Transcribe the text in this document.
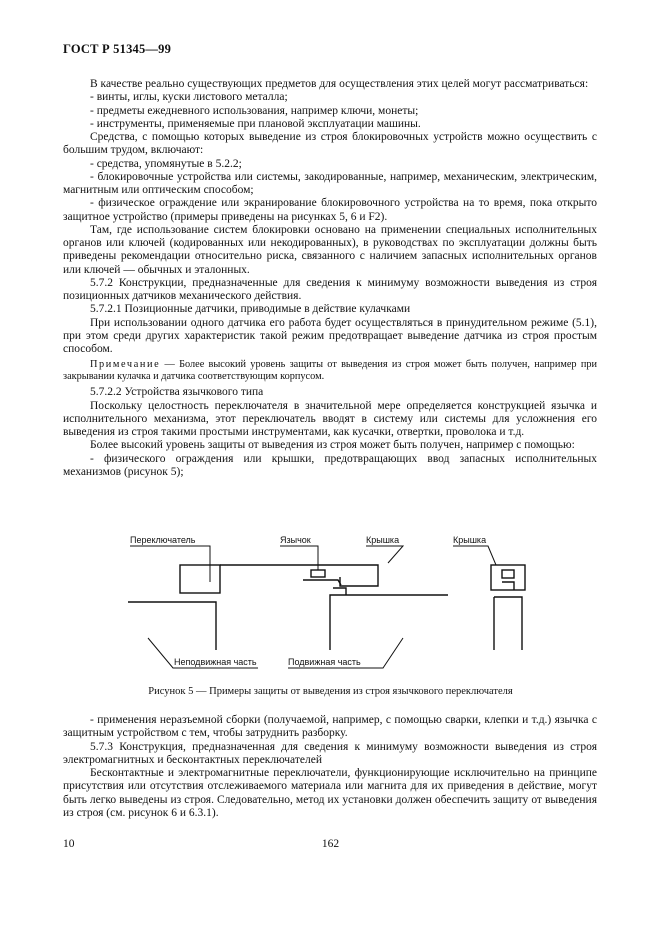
ГОСТ Р 51345—99

В качестве реально существующих предметов для осуществления этих целей могут рассматриваться:

- винты, иглы, куски листового металла;

- предметы ежедневного использования, например ключи, монеты;

- инструменты, применяемые при плановой эксплуатации машины.

Средства, с помощью которых выведение из строя блокировочных устройств можно осуществить с большим трудом, включают:

- средства, упомянутые в 5.2.2;

- блокировочные устройства или системы, закодированные, например, механическим, электрическим, магнитным или оптическим способом;

- физическое ограждение или экранирование блокировочного устройства на то время, пока открыто защитное устройство (примеры приведены на рисунках 5, 6 и F2).

Там, где использование систем блокировки основано на применении специальных исполнительных органов или ключей (кодированных или некодированных), в руководствах по эксплуатации должны быть приведены рекомендации относительно риска, связанного с наличием запасных исполнительных органов или ключей — обычных и эталонных.

5.7.2 Конструкции, предназначенные для сведения к минимуму возможности выведения из строя позиционных датчиков механического действия.

5.7.2.1 Позиционные датчики, приводимые в действие кулачками

При использовании одного датчика его работа будет осуществляться в принудительном режиме (5.1), при этом среди других характеристик такой режим предотвращает выведение датчика из строя простым способом.

Примечание — Более высокий уровень защиты от выведения из строя может быть получен, например при закрывании кулачка и датчика соответствующим корпусом.

5.7.2.2 Устройства язычкового типа

Поскольку целостность переключателя в значительной мере определяется конструкцией язычка и исполнительного механизма, этот переключатель вводят в систему или системы для усложнения его выведения из строя такими простыми инструментами, как кусачки, отвертки, проволока и т.д.

Более высокий уровень защиты от выведения из строя может быть получен, например с помощью:

- физического ограждения или крышки, предотвращающих ввод запасных исполнительных механизмов (рисунок 5);

Переключатель	Язычок	Крышка	Крышка
Неподвижная часть	Подвижная часть
Рисунок 5 — Примеры защиты от выведения из строя язычкового переключателя

- применения неразъемной сборки (получаемой, например, с помощью сварки, клепки и т.д.) язычка с защитным устройством с тем, чтобы затруднить разборку.

5.7.3 Конструкция, предназначенная для сведения к минимуму возможности выведения из строя электромагнитных и бесконтактных переключателей

Бесконтактные и электромагнитные переключатели, функционирующие исключительно на принципе присутствия или отсутствия отслеживаемого материала или магнита для их приведения в действие, могут быть легко выведены из строя. Следовательно, метод их установки должен обеспечить защиту от выведения из строя (см. рисунок 6 и 6.3.1).

10	162
